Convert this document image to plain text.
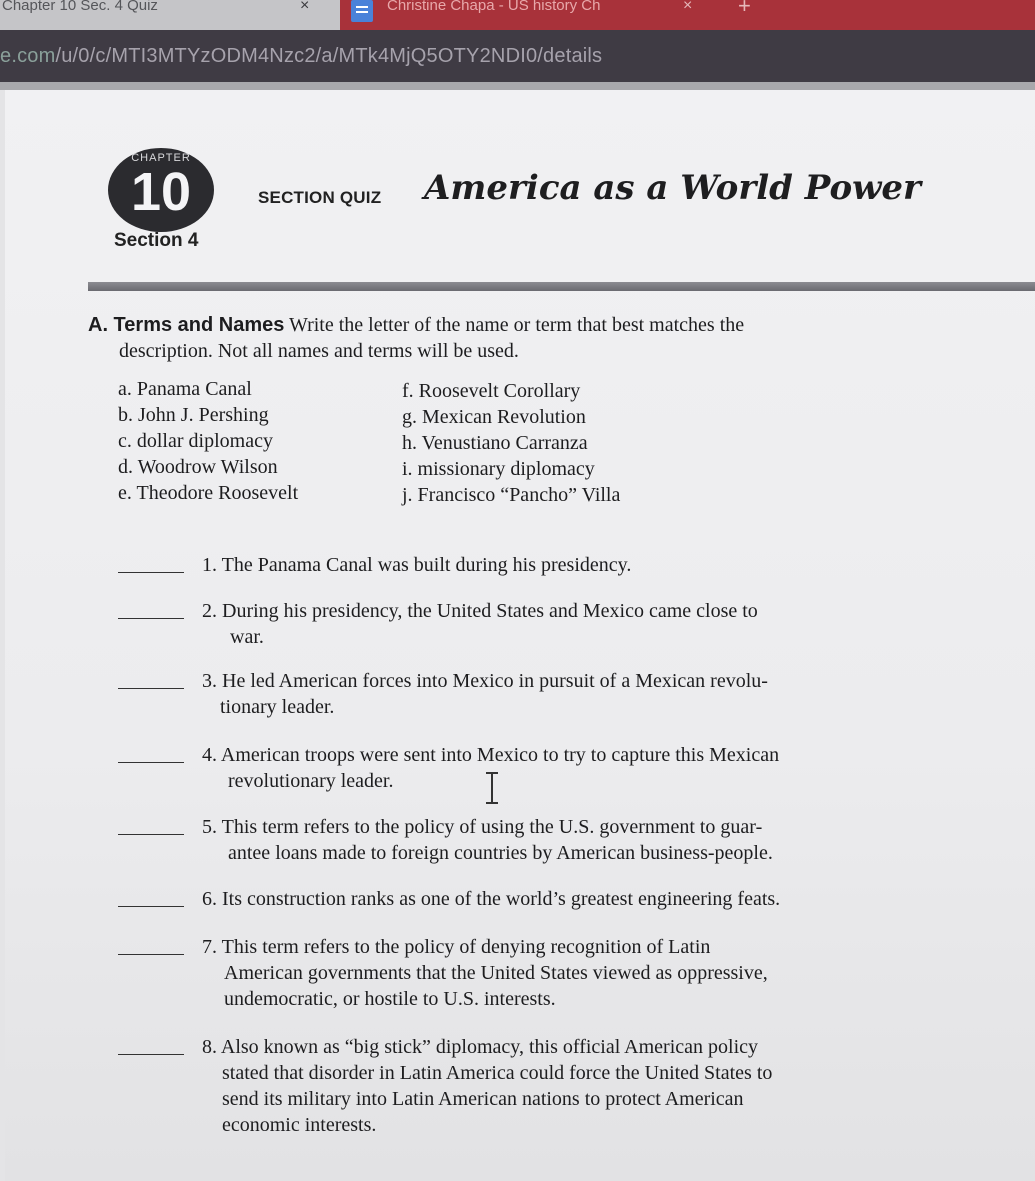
Chapter 10 Sec. 4 Quiz	×	Christine Chapa - US history Ch	× +
e.com/u/0/c/MTI3MTYzODM4Nzc2/a/MTk4MjQ5OTY2NDI0/details
CHAPTER
10
Section 4
SECTION QUIZ America as a World Power
A. Terms and Names Write the letter of the name or term that best matches the
description. Not all names and terms will be used.
a. Panama Canal
b. John J. Pershing
c. dollar diplomacy
d. Woodrow Wilson
e. Theodore Roosevelt
f. Roosevelt Corollary
g. Mexican Revolution
h. Venustiano Carranza
i. missionary diplomacy
j. Francisco “Pancho” Villa
1. The Panama Canal was built during his presidency.
2. During his presidency, the United States and Mexico came close to
war.
3. He led American forces into Mexico in pursuit of a Mexican revolu-
tionary leader.
4. American troops were sent into Mexico to try to capture this Mexican
revolutionary leader.
5. This term refers to the policy of using the U.S. government to guar-
antee loans made to foreign countries by American business-people.
6. Its construction ranks as one of the world’s greatest engineering feats.
7. This term refers to the policy of denying recognition of Latin
American governments that the United States viewed as oppressive,
undemocratic, or hostile to U.S. interests.
8. Also known as “big stick” diplomacy, this official American policy
stated that disorder in Latin America could force the United States to
send its military into Latin American nations to protect American
economic interests.
